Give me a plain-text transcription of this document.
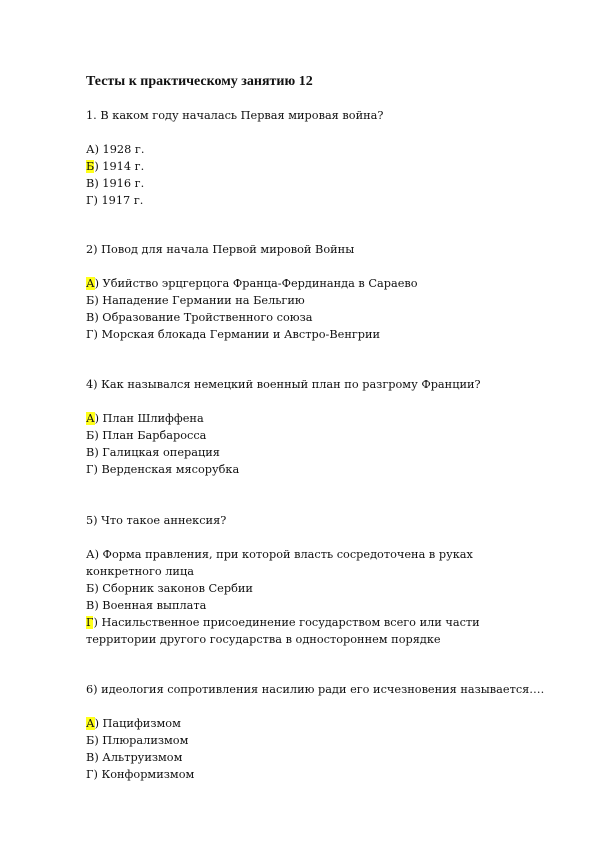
Тесты к практическому занятию 12
1. В каком году началась Первая мировая война?
А) 1928 г.
Б) 1914 г.
В) 1916 г.
Г) 1917 г.
2) Повод для начала Первой мировой Войны
А) Убийство эрцгерцога Франца-Фердинанда в Сараево
Б) Нападение Германии на Бельгию
В) Образование Тройственного союза
Г) Морская блокада Германии и Австро-Венгрии
4) Как назывался немецкий военный план по разгрому Франции?
А) План Шлиффена
Б) План Барбаросса
В) Галицкая операция
Г) Верденская мясорубка
5) Что такое аннексия?
А) Форма правления, при которой власть сосредоточена в руках конкретного лица
Б) Сборник законов Сербии
В) Военная выплата
Г) Насильственное присоединение государством всего или части территории другого государства в одностороннем порядке
6) идеология сопротивления насилию ради его исчезновения называется….
А) Пацифизмом
Б) Плюрализмом
В) Альтруизмом
Г) Конформизмом
